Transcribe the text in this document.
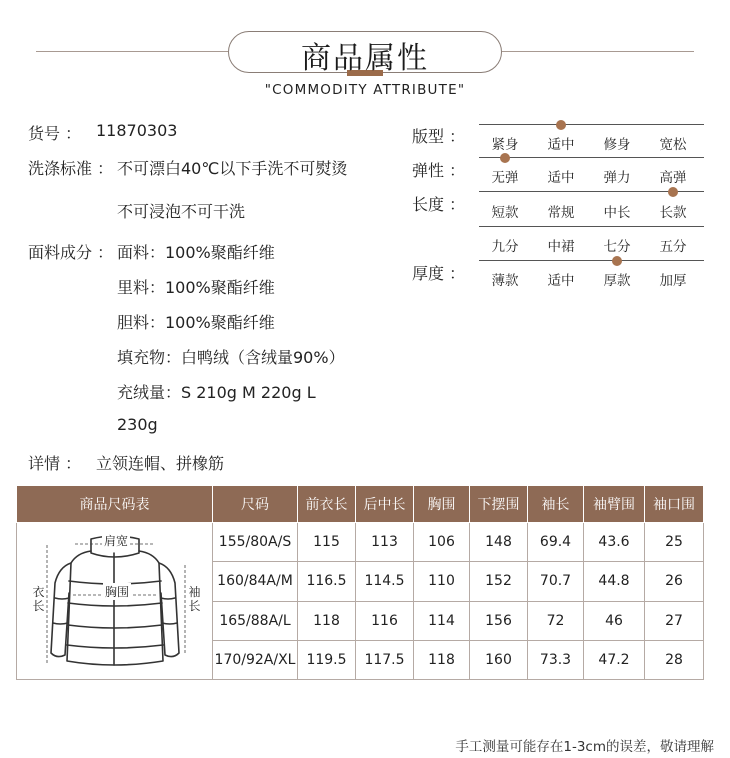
商品属性
"COMMODITY ATTRIBUTE"
货号 ： 11870303
洗涤标准 ： 不可漂白40℃以下手洗不可熨烫
不可浸泡不可干洗
面料成分 ： 面料：100%聚酯纤维
里料：100%聚酯纤维
胆料：100%聚酯纤维
填充物：白鸭绒（含绒量90%）
充绒量：S 210g M 220g L
230g
详情 ： 立领连帽、拼橡筋
版型 ：	紧身	适中	修身	宽松
弹性 ：	无弹	适中	弹力	高弹
长度 ：	短款	常规	中长	长款
九分	中裙	七分	五分
厚度 ：	薄款	适中	厚款	加厚
商品尺码表	尺码	前衣长	后中长	胸围	下摆围	袖长	袖臂围	袖口围

肩宽
胸围
衣长
袖长	155/80A/S	115	113	106	148	69.4	43.6	25
	160/84A/M	116.5	114.5	110	152	70.7	44.8	26
	165/88A/L	118	116	114	156	72	46	27
	170/92A/XL	119.5	117.5	118	160	73.3	47.2	28
手工测量可能存在1-3cm的误差，敬请理解
